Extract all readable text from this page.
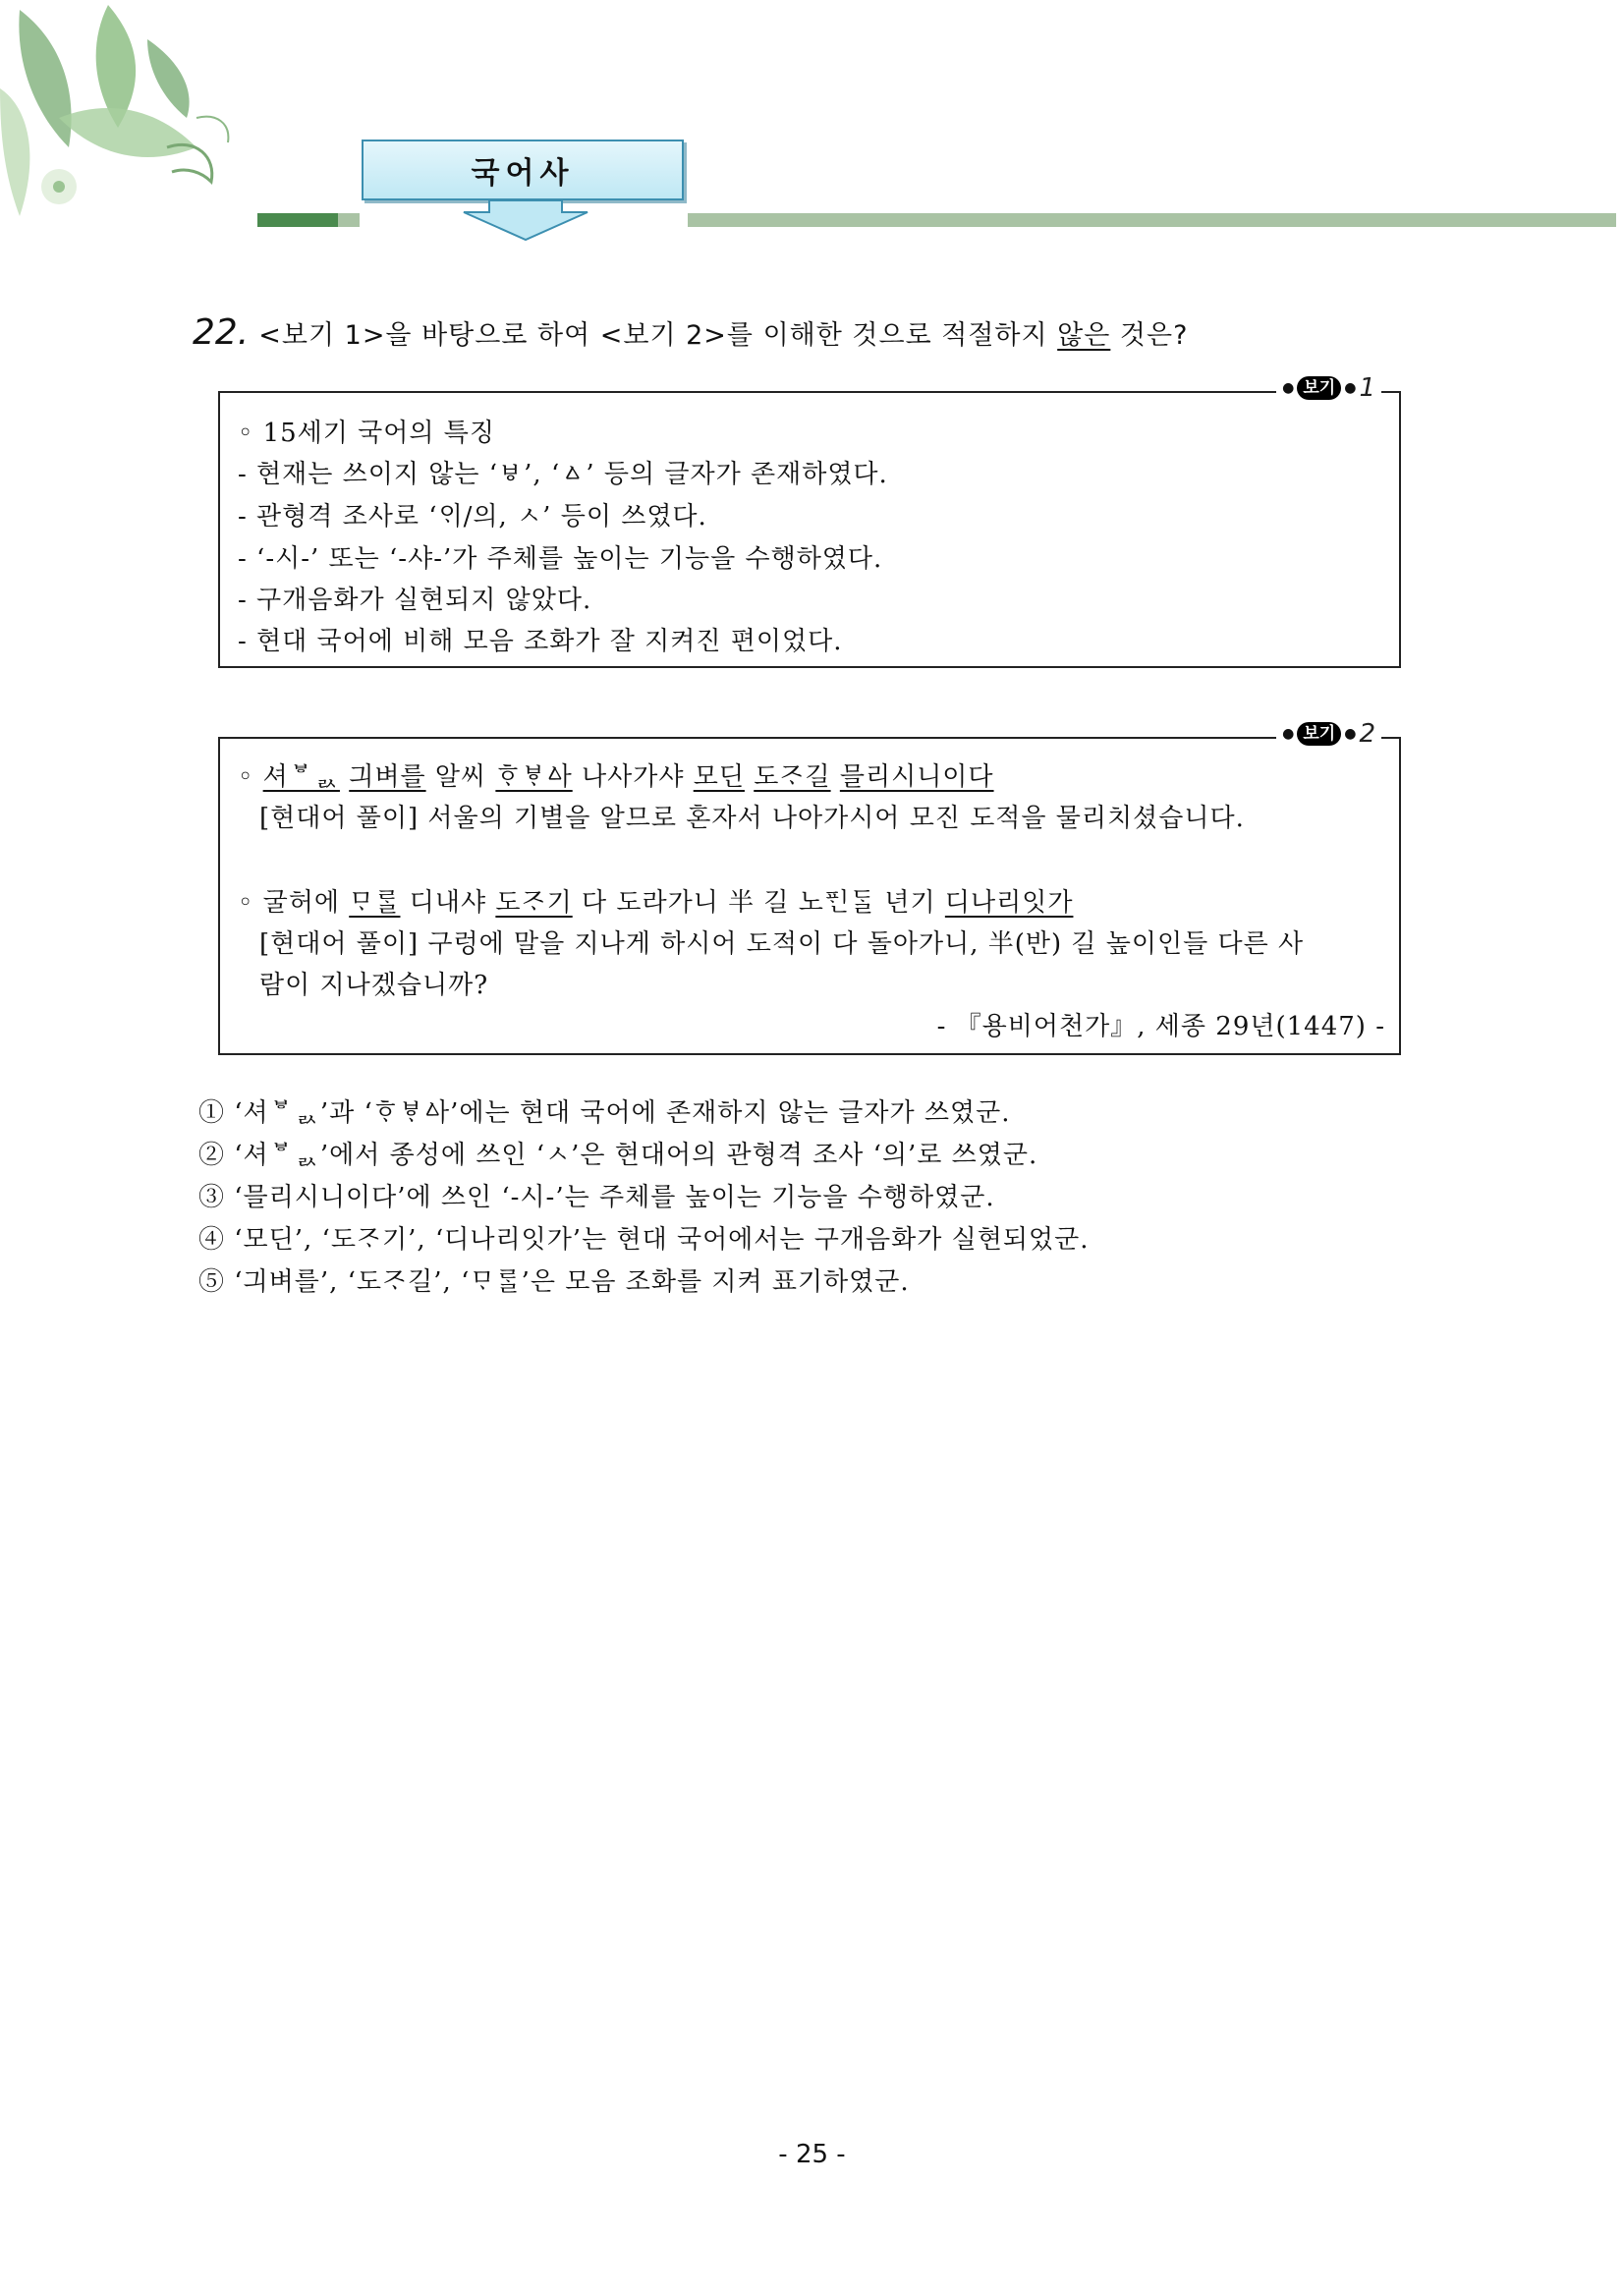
국어사
22. <보기 1>을 바탕으로 하여 <보기 2>를 이해한 것으로 적절하지 않은 것은?
● 보기 ● 1
◦ 15세기 국어의 특징
- 현재는 쓰이지 않는 ‘ㅸ’, ‘ㅿ’ 등의 글자가 존재하였다.
- 관형격 조사로 ‘ᄋᆡ/의, ㅅ’ 등이 쓰였다.
- ‘-시-’ 또는 ‘-샤-’가 주체를 높이는 기능을 수행하였다.
- 구개음화가 실현되지 않았다.
- 현대 국어에 비해 모음 조화가 잘 지켜진 편이었다.
● 보기 ● 2
◦ 셔ᄫᆳ 긔벼를 알씨 ᄒᆞᄫᆞᅀᅡ 나사가샤 모딘 도ᄌᆞ길 믈리시니이다
[현대어 풀이] 서울의 기별을 알므로 혼자서 나아가시어 모진 도적을 물리치셨습니다.
◦ 굴허에 ᄆᆞᄅᆞᆯ 디내샤 도ᄌᆞ기 다 도라가니 半 길 노ᄑᆡᆫᄃᆞᆯ 년기 디나리잇가
[현대어 풀이] 구렁에 말을 지나게 하시어 도적이 다 돌아가니, 半(반) 길 높이인들 다른 사
람이 지나겠습니까?
- 『용비어천가』, 세종 29년(1447) -
① ‘셔ᄫᆳ’과 ‘ᄒᆞᄫᆞᅀᅡ’에는 현대 국어에 존재하지 않는 글자가 쓰였군.
② ‘셔ᄫᆳ’에서 종성에 쓰인 ‘ㅅ’은 현대어의 관형격 조사 ‘의’로 쓰였군.
③ ‘믈리시니이다’에 쓰인 ‘-시-’는 주체를 높이는 기능을 수행하였군.
④ ‘모딘’, ‘도ᄌᆞ기’, ‘디나리잇가’는 현대 국어에서는 구개음화가 실현되었군.
⑤ ‘긔벼를’, ‘도ᄌᆞ길’, ‘ᄆᆞᄅᆞᆯ’은 모음 조화를 지켜 표기하였군.
- 25 -
